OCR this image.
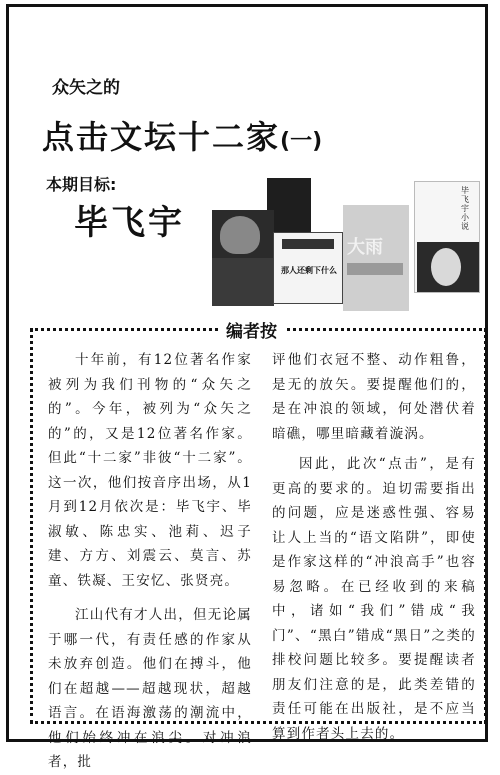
众矢之的
点击文坛十二家(一)
本期目标:
毕飞宇
那人还剩下什么
大雨
毕飞宇小说
编者按

十年前，有12位著名作家被列为我们刊物的“众矢之的”。今年，被列为“众矢之的”的，又是12位著名作家。但此“十二家”非彼“十二家”。这一次，他们按音序出场，从1月到12月依次是：毕飞宇、毕淑敏、陈忠实、池莉、迟子建、方方、刘震云、莫言、苏童、铁凝、王安忆、张贤亮。

江山代有才人出，但无论属于哪一代，有责任感的作家从未放弃创造。他们在搏斗，他们在超越——超越现状，超越语言。在语海激荡的潮流中，他们始终冲在浪尖。对冲浪者，批

评他们衣冠不整、动作粗鲁，是无的放矢。要提醒他们的，是在冲浪的领域，何处潜伏着暗礁，哪里暗藏着漩涡。

因此，此次“点击”，是有更高的要求的。迫切需要指出的问题，应是迷惑性强、容易让人上当的“语文陷阱”，即使是作家这样的“冲浪高手”也容易忽略。在已经收到的来稿中，诸如“我们”错成“我门”、“黑白”错成“黑日”之类的排校问题比较多。要提醒读者朋友们注意的是，此类差错的责任可能在出版社，是不应当算到作者头上去的。
